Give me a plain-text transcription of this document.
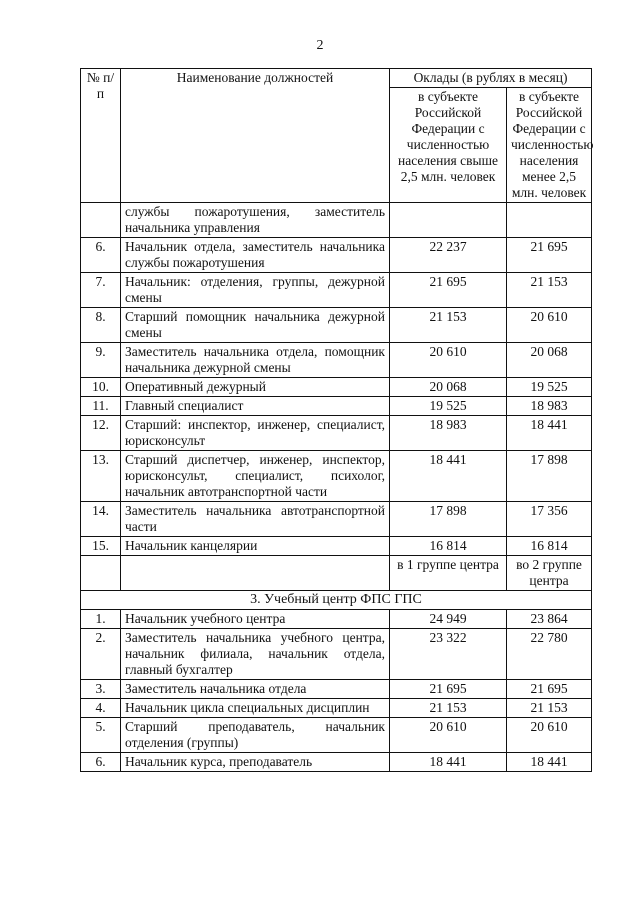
2
№ п/п	Наименование должностей	Оклады (в рублях в месяц)	
		в субъекте Российской Федерации с численностью населения свыше 2,5 млн. человек	в субъекте Российской Федерации с численностью населения менее 2,5 млн. человек
	службы пожаротушения, заместитель начальника управления		
6.	Начальник отдела, заместитель начальника службы пожаротушения	22 237	21 695
7.	Начальник: отделения, группы, дежурной смены	21 695	21 153
8.	Старший помощник начальника дежурной смены	21 153	20 610
9.	Заместитель начальника отдела, помощник начальника дежурной смены	20 610	20 068
10.	Оперативный дежурный	20 068	19 525
11.	Главный специалист	19 525	18 983
12.	Старший: инспектор, инженер, специалист, юрисконсульт	18 983	18 441
13.	Старший диспетчер, инженер, инспектор, юрисконсульт, специалист, психолог, начальник автотранспортной части	18 441	17 898
14.	Заместитель начальника автотранспортной части	17 898	17 356
15.	Начальник канцелярии	16 814	16 814
		в 1 группе центра	во 2 группе центра
3. Учебный центр ФПС ГПС			
1.	Начальник учебного центра	24 949	23 864
2.	Заместитель начальника учебного центра, начальник филиала, начальник отдела, главный бухгалтер	23 322	22 780
3.	Заместитель начальника отдела	21 695	21 695
4.	Начальник цикла специальных дисциплин	21 153	21 153
5.	Старший преподаватель, начальник отделения (группы)	20 610	20 610
6.	Начальник курса, преподаватель	18 441	18 441
